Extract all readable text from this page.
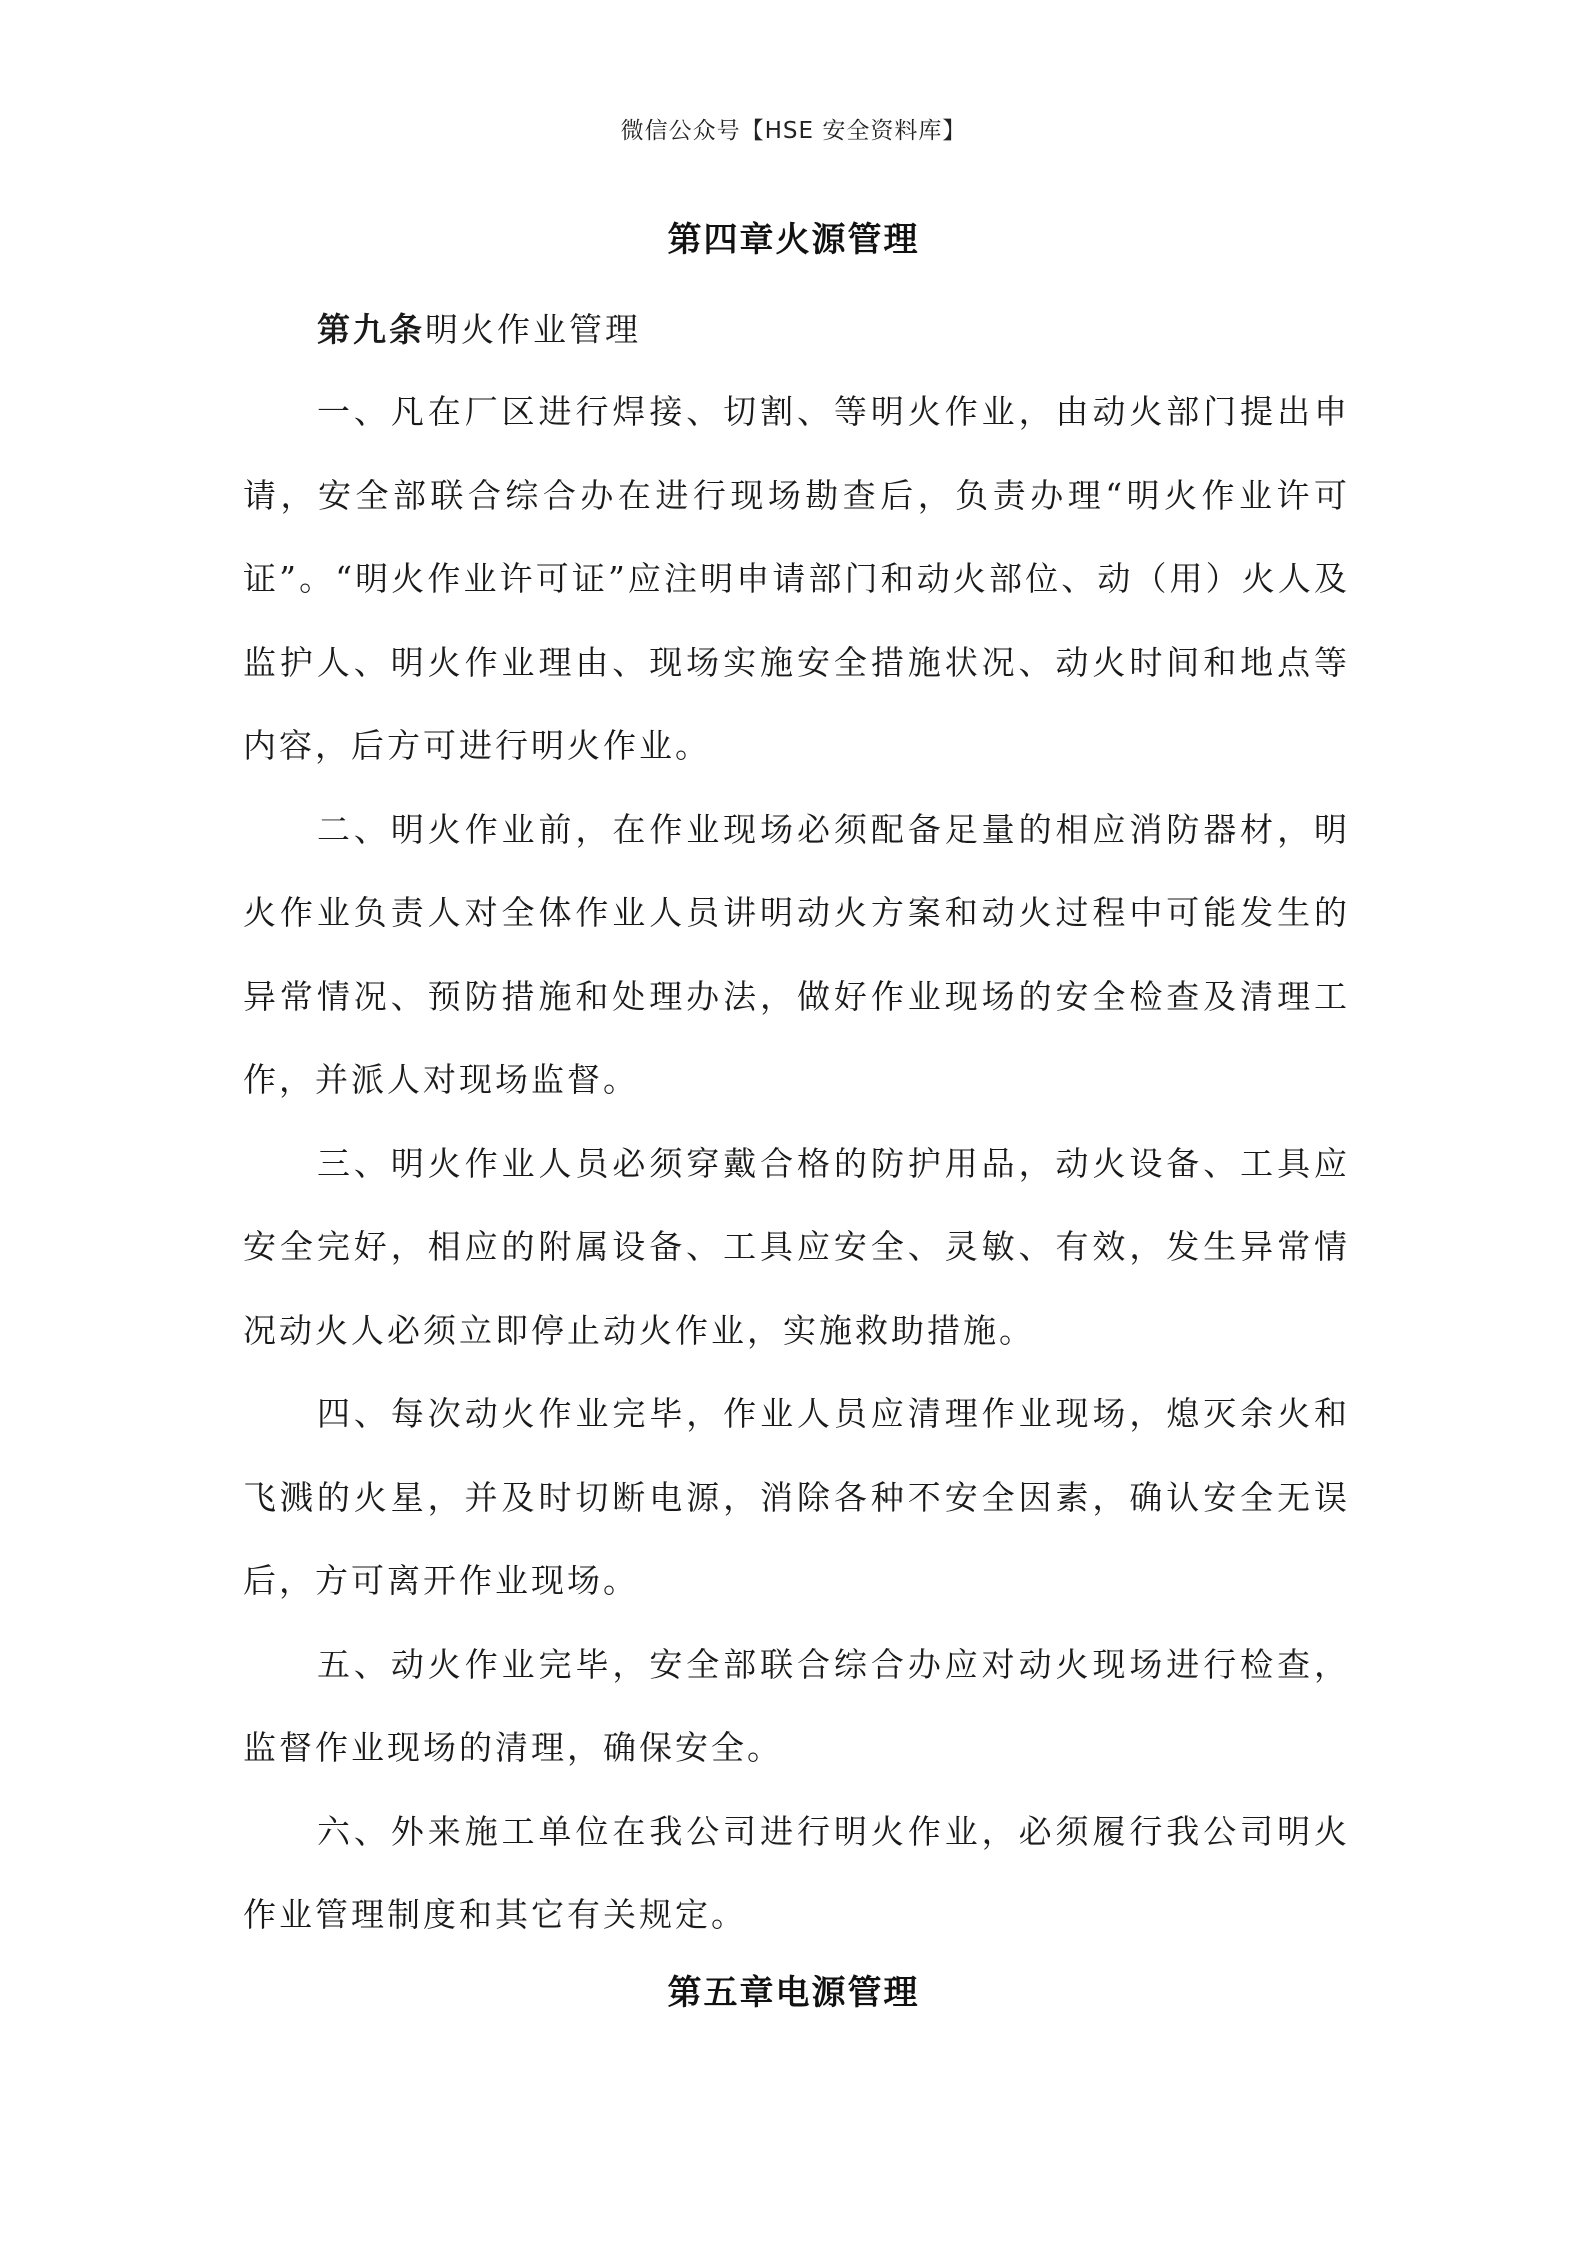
微信公众号【HSE 安全资料库】
第四章火源管理

第九条明火作业管理

一、凡在厂区进行焊接、切割、等明火作业，由动火部门提出申请，安全部联合综合办在进行现场勘查后，负责办理“明火作业许可证”。“明火作业许可证”应注明申请部门和动火部位、动（用）火人及监护人、明火作业理由、现场实施安全措施状况、动火时间和地点等内容，后方可进行明火作业。

二、明火作业前，在作业现场必须配备足量的相应消防器材，明火作业负责人对全体作业人员讲明动火方案和动火过程中可能发生的异常情况、预防措施和处理办法，做好作业现场的安全检查及清理工作，并派人对现场监督。

三、明火作业人员必须穿戴合格的防护用品，动火设备、工具应安全完好，相应的附属设备、工具应安全、灵敏、有效，发生异常情况动火人必须立即停止动火作业，实施救助措施。

四、每次动火作业完毕，作业人员应清理作业现场，熄灭余火和飞溅的火星，并及时切断电源，消除各种不安全因素，确认安全无误后，方可离开作业现场。

五、动火作业完毕，安全部联合综合办应对动火现场进行检查，监督作业现场的清理，确保安全。

六、外来施工单位在我公司进行明火作业，必须履行我公司明火作业管理制度和其它有关规定。

第五章电源管理
